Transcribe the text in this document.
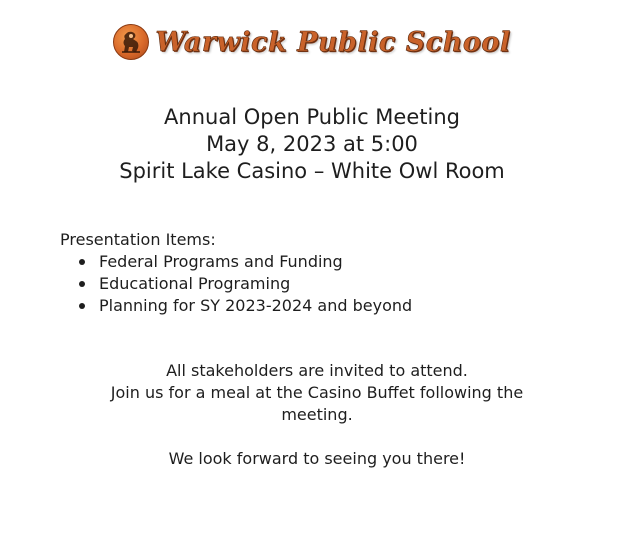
Warwick Public School
Annual Open Public Meeting
May 8, 2023 at 5:00
Spirit Lake Casino – White Owl Room
Presentation Items:
Federal Programs and Funding
Educational Programing
Planning for SY 2023-2024 and beyond

All stakeholders are invited to attend.

Join us for a meal at the Casino Buffet following the meeting.

We look forward to seeing you there!
